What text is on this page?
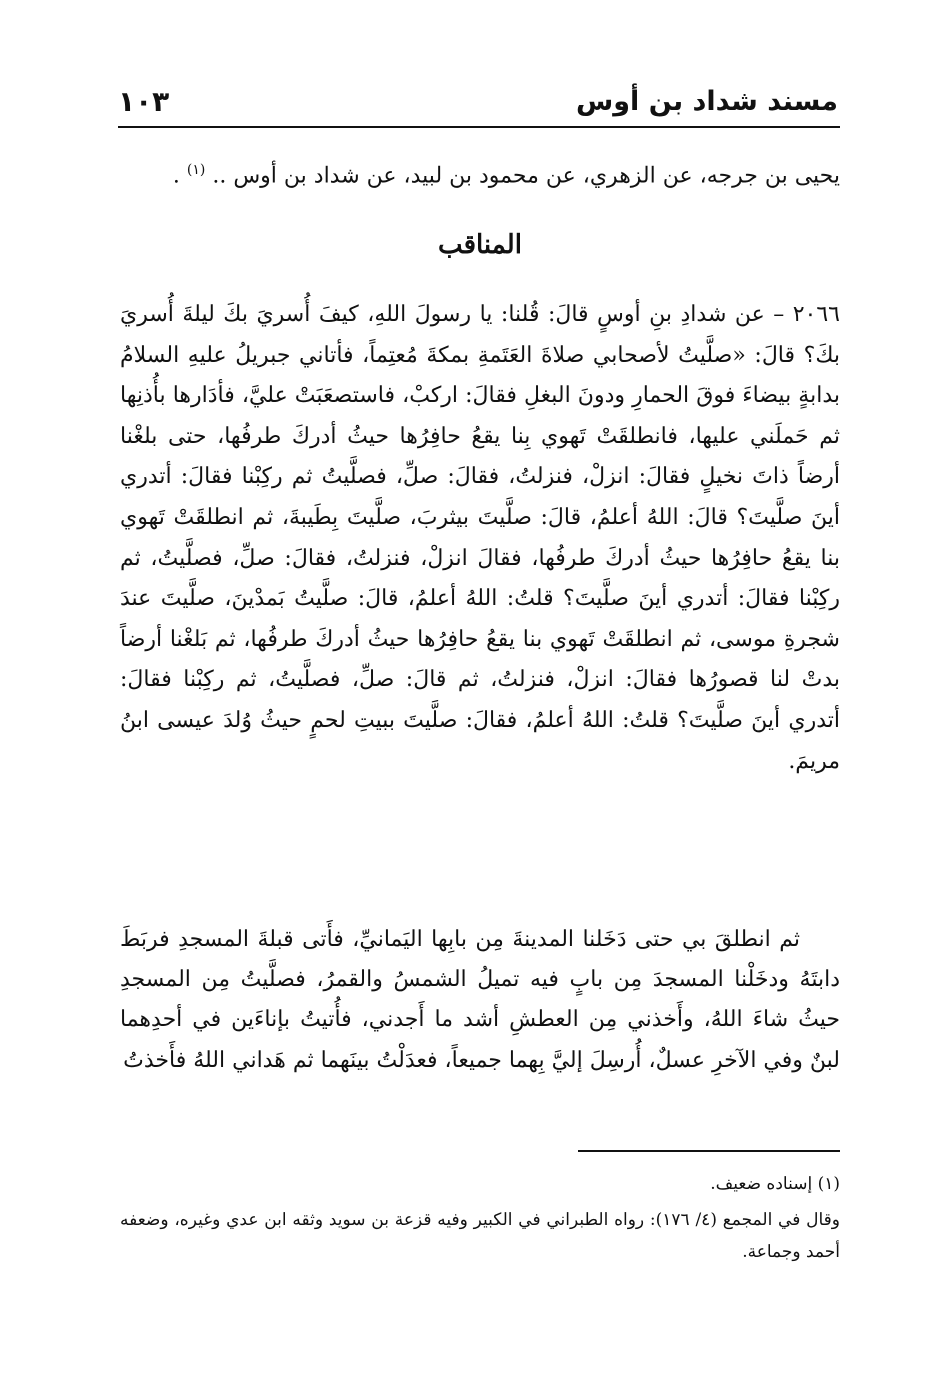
مسند شداد بن أوس
١٠٣
يحيى بن جرجه، عن الزهري، عن محمود بن لبيد، عن شداد بن أوس .. $^{(١)}$ .
المناقب

٢٠٦٦ – عن شدادِ بنِ أوسٍ قالَ: قُلنا: يا رسولَ اللهِ، كيفَ أُسريَ بكَ ليلةَ أُسريَ بكَ؟ قالَ: «صلَّيتُ لأصحابي صلاةَ العَتَمةِ بمكةَ مُعتِماً، فأتاني جبريلُ عليهِ السلامُ بدابةٍ بيضاءَ فوقَ الحمارِ ودونَ البغلِ فقالَ: اركبْ، فاستصعَبَتْ عليَّ، فأدَارها بأُذنِها ثم حَملَني عليها، فانطلقَتْ تَهوي بِنا يقعُ حافِرُها حيثُ أدركَ طرفُها، حتى بلغْنا أرضاً ذاتَ نخيلٍ فقالَ: انزلْ، فنزلتُ، فقالَ: صلِّ، فصلَّيتُ ثم ركِبْنا فقالَ: أتدري أينَ صلَّيتَ؟ قالَ: اللهُ أعلمُ، قالَ: صلَّيتَ بيثربَ، صلَّيتَ بِطَيبةَ، ثم انطلقَتْ تَهوي بنا يقعُ حافِرُها حيثُ أدركَ طرفُها، فقالَ انزلْ، فنزلتُ، فقالَ: صلِّ، فصلَّيتُ، ثم ركِبْنا فقالَ: أتدري أينَ صلَّيتَ؟ قلتُ: اللهُ أعلمُ، قالَ: صلَّيتُ بَمدْينَ، صلَّيتَ عندَ شجرةِ موسى، ثم انطلقَتْ تَهوي بنا يقعُ حافِرُها حيثُ أدركَ طرفُها، ثم بَلغْنا أرضاً بدتْ لنا قصورُها فقالَ: انزلْ، فنزلتُ، ثم قالَ: صلِّ، فصلَّيتُ، ثم ركِبْنا فقالَ: أتدري أينَ صلَّيتَ؟ قلتُ: اللهُ أعلمُ، فقالَ: صلَّيتَ ببيتِ لحمٍ حيثُ وُلدَ عيسى ابنُ مريمَ.

ثم انطلقَ بي حتى دَخَلنا المدينةَ مِن بابِها اليَمانيِّ، فأَتى قبلةَ المسجدِ فربَطَ دابتَهُ ودخَلْنا المسجدَ مِن بابٍ فيه تميلُ الشمسُ والقمرُ، فصلَّيتُ مِن المسجدِ حيثُ شاءَ اللهُ، وأَخذني مِن العطشِ أشد ما أَجدني، فأُتيتُ بإناءَين في أحدِهما لبنٌ وفي الآخرِ عسلٌ، أُرسِلَ إليَّ بِهما جميعاً، فعدَلْتُ بينَهما ثم هَداني اللهُ فأَخذتُ

(١) إسناده ضعيف.

وقال في المجمع (٤/ ١٧٦): رواه الطبراني في الكبير وفيه قزعة بن سويد وثقه ابن عدي وغيره، وضعفه أحمد وجماعة.
